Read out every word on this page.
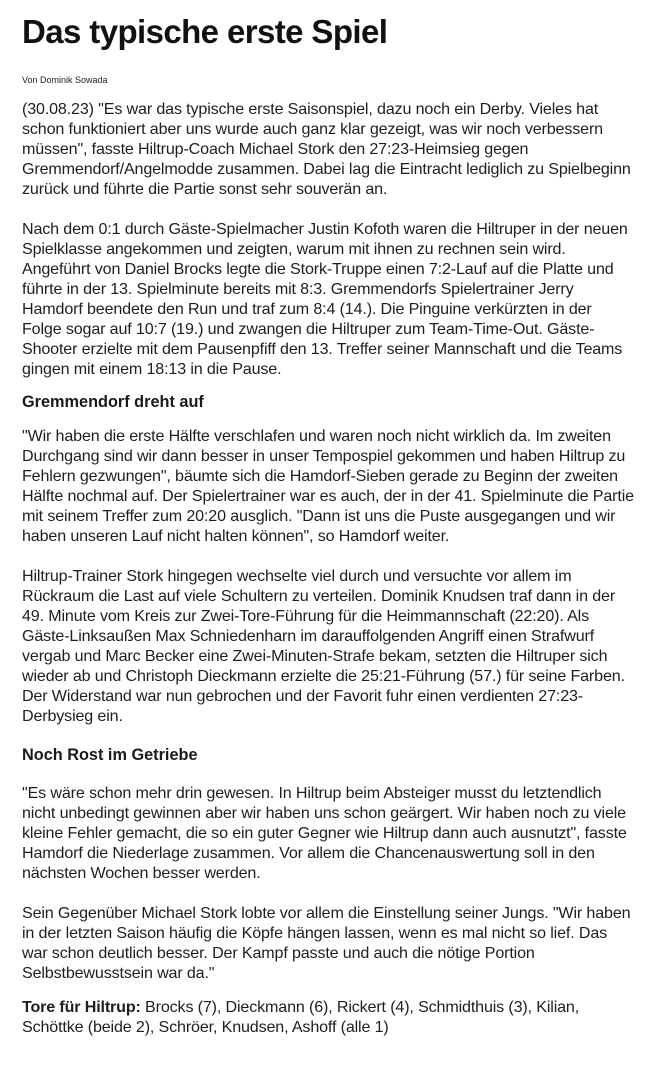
Das typische erste Spiel
Von Dominik Sowada

(30.08.23) "Es war das typische erste Saisonspiel, dazu noch ein Derby. Vieles hat schon funktioniert aber uns wurde auch ganz klar gezeigt, was wir noch verbessern müssen", fasste Hiltrup-Coach Michael Stork den 27:23-Heimsieg gegen Gremmendorf/Angelmodde zusammen. Dabei lag die Eintracht lediglich zu Spielbeginn zurück und führte die Partie sonst sehr souverän an.

Nach dem 0:1 durch Gäste-Spielmacher Justin Kofoth waren die Hiltruper in der neuen Spielklasse angekommen und zeigten, warum mit ihnen zu rechnen sein wird. Angeführt von Daniel Brocks legte die Stork-Truppe einen 7:2-Lauf auf die Platte und führte in der 13. Spielminute bereits mit 8:3. Gremmendorfs Spielertrainer Jerry Hamdorf beendete den Run und traf zum 8:4 (14.). Die Pinguine verkürzten in der Folge sogar auf 10:7 (19.) und zwangen die Hiltruper zum Team-Time-Out. Gäste-Shooter erzielte mit dem Pausenpfiff den 13. Treffer seiner Mannschaft und die Teams gingen mit einem 18:13 in die Pause.

Gremmendorf dreht auf

"Wir haben die erste Hälfte verschlafen und waren noch nicht wirklich da. Im zweiten Durchgang sind wir dann besser in unser Tempospiel gekommen und haben Hiltrup zu Fehlern gezwungen", bäumte sich die Hamdorf-Sieben gerade zu Beginn der zweiten Hälfte nochmal auf. Der Spielertrainer war es auch, der in der 41. Spielminute die Partie mit seinem Treffer zum 20:20 ausglich. "Dann ist uns die Puste ausgegangen und wir haben unseren Lauf nicht halten können", so Hamdorf weiter.

Hiltrup-Trainer Stork hingegen wechselte viel durch und versuchte vor allem im Rückraum die Last auf viele Schultern zu verteilen. Dominik Knudsen traf dann in der 49. Minute vom Kreis zur Zwei-Tore-Führung für die Heimmannschaft (22:20). Als Gäste-Linksaußen Max Schniedenharn im darauffolgenden Angriff einen Strafwurf vergab und Marc Becker eine Zwei-Minuten-Strafe bekam, setzten die Hiltruper sich wieder ab und Christoph Dieckmann erzielte die 25:21-Führung (57.) für seine Farben. Der Widerstand war nun gebrochen und der Favorit fuhr einen verdienten 27:23-Derbysieg ein.

Noch Rost im Getriebe

"Es wäre schon mehr drin gewesen. In Hiltrup beim Absteiger musst du letztendlich nicht unbedingt gewinnen aber wir haben uns schon geärgert. Wir haben noch zu viele kleine Fehler gemacht, die so ein guter Gegner wie Hiltrup dann auch ausnutzt", fasste Hamdorf die Niederlage zusammen. Vor allem die Chancenauswertung soll in den nächsten Wochen besser werden.

Sein Gegenüber Michael Stork lobte vor allem die Einstellung seiner Jungs. "Wir haben in der letzten Saison häufig die Köpfe hängen lassen, wenn es mal nicht so lief. Das war schon deutlich besser. Der Kampf passte und auch die nötige Portion Selbstbewusstsein war da."

Tore für Hiltrup: Brocks (7), Dieckmann (6), Rickert (4), Schmidthuis (3), Kilian, Schöttke (beide 2), Schröer, Knudsen, Ashoff (alle 1)
